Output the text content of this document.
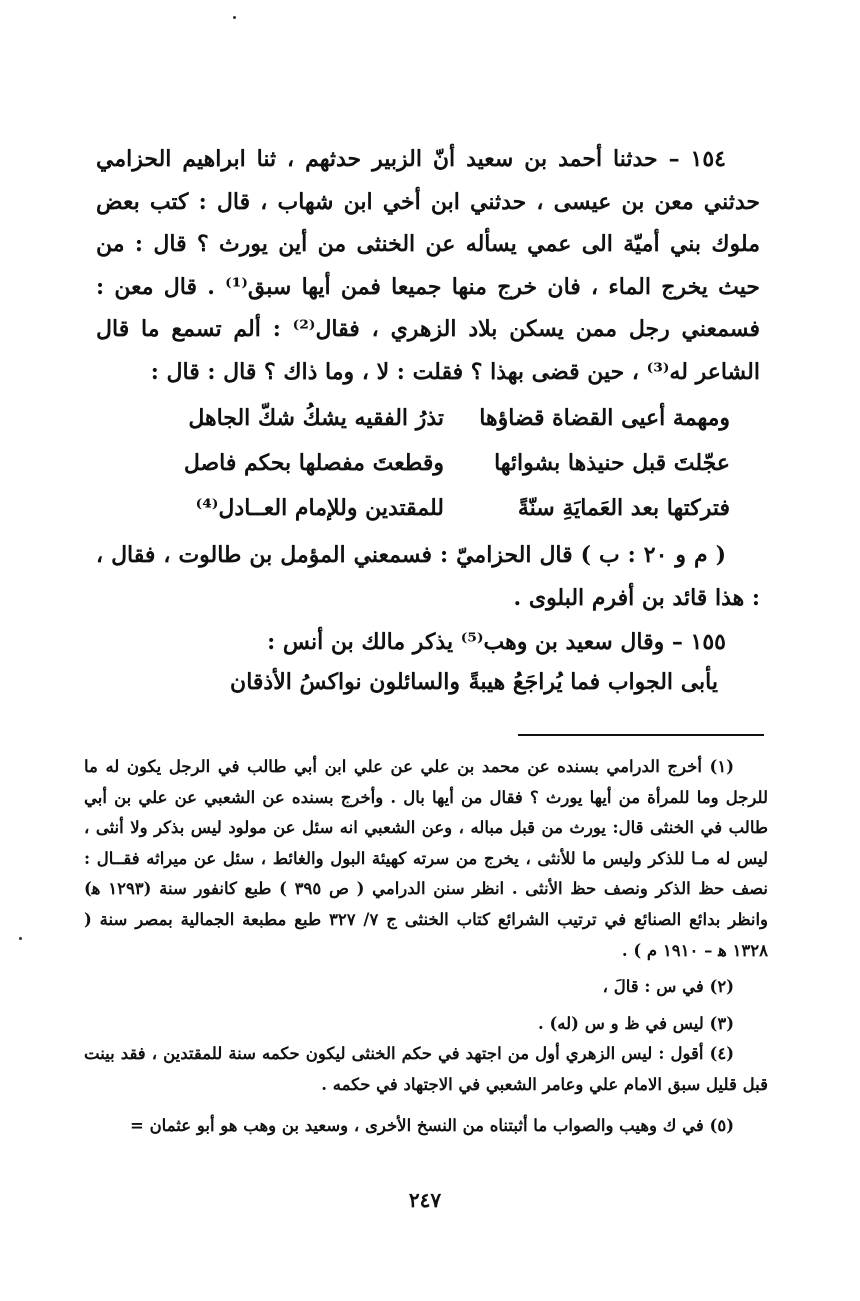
١٥٤ – حدثنا أحمد بن سعيد أنّ الزبير حدثهم ، ثنا ابراهيم الحزامي حدثني معن بن عيسى ، حدثني ابن أخي ابن شهاب ، قال : كتب بعض ملوك بني أميّة الى عمي يسأله عن الخنثى من أين يورث ؟ قال : من حيث يخرج الماء ، فان خرج منها جميعا فمن أيها سبق⁽¹⁾ . قال معن : فسمعني رجل ممن يسكن بلاد الزهري ، فقال⁽²⁾ : ألم تسمع ما قال الشاعر له⁽³⁾ ، حين قضى بهذا ؟ فقلت : لا ، وما ذاك ؟ قال : قال :

ومهمة أعيى القضاة قضاؤها
تذرُ الفقيه يشكُ شكّ الجاهل
عجّلتَ قبل حنيذها بشوائها
وقطعتَ مفصلها بحكم فاصل
فتركتها بعد العَمايَةِ سنّةً
للمقتدين وللإمام العــادل⁽⁴⁾

( م و ٢٠ : ب ) قال الحزاميّ : فسمعني المؤمل بن طالوت ، فقال ، : هذا قائد بن أفرم البلوى .

١٥٥ – وقال سعيد بن وهب⁽⁵⁾ يذكر مالك بن أنس :

يأبى الجواب فما يُراجَعُ هيبةً
والسائلون نواكسُ الأذقان

(١) أخرج الدرامي بسنده عن محمد بن علي عن علي ابن أبي طالب في الرجل يكون له ما للرجل وما للمرأة من أيها يورث ؟ فقال من أيها بال . وأخرج بسنده عن الشعبي عن علي بن أبي طالب في الخنثى قال: يورث من قبل مباله ، وعن الشعبي انه سئل عن مولود ليس بذكر ولا أنثى ، ليس له مـا للذكر وليس ما للأنثى ، يخرج من سرته كهيئة البول والغائط ، سئل عن ميراثه فقــال : نصف حظ الذكر ونصف حظ الأنثى . انظر سنن الدرامي ( ص ٣٩٥ ) طبع كانفور سنة (١٢٩٣ ﻫ) وانظر بدائع الصنائع في ترتيب الشرائع كتاب الخنثى ج ٧/ ٣٢٧ طبع مطبعة الجمالية بمصر سنة ( ١٣٢٨ ﻫ – ١٩١٠ م ) .

(٢) في س : قالَ ،

(٣) ليس في ظ و س (له) .

(٤) أقول : ليس الزهري أول من اجتهد في حكم الخنثى ليكون حكمه سنة للمقتدين ، فقد بينت قبل قليل سبق الامام علي وعامر الشعبي في الاجتهاد في حكمه .

(٥) في ك وهيب والصواب ما أثبتناه من النسخ الأخرى ، وسعيد بن وهب هو أبو عثمان =

٢٤٧
